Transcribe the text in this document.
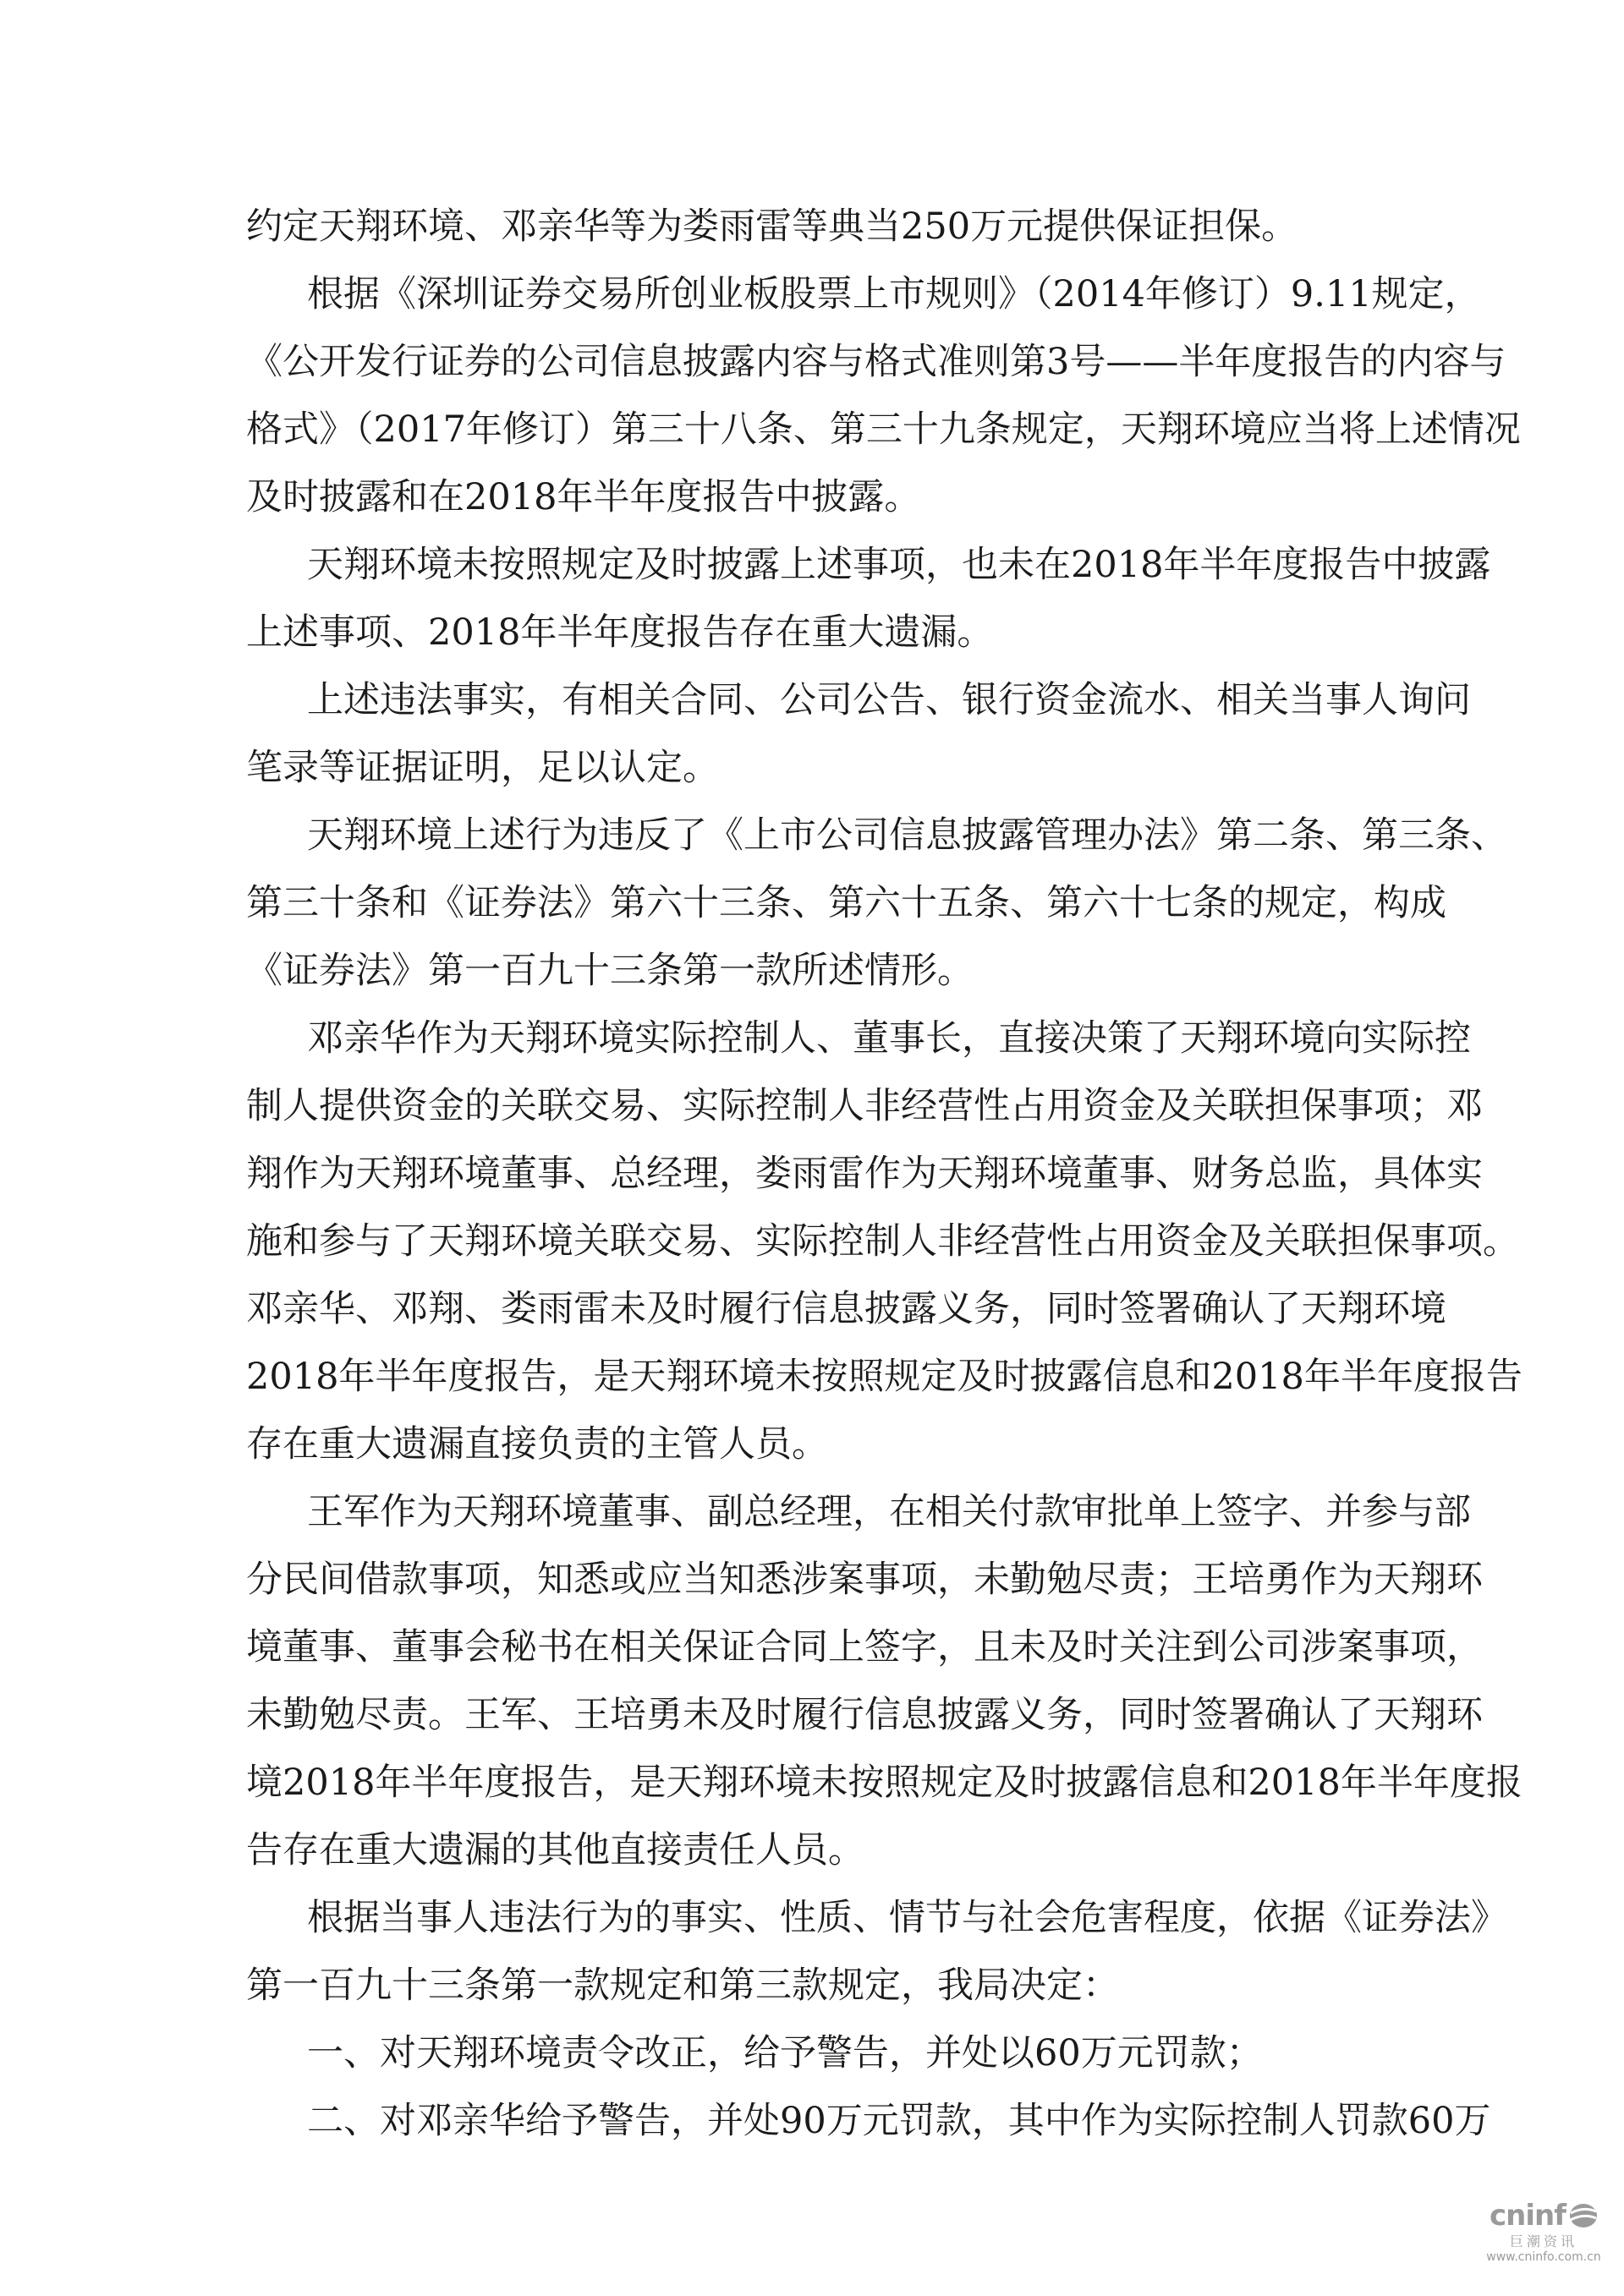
约定天翔环境、邓亲华等为娄雨雷等典当250万元提供保证担保。
根据《深圳证券交易所创业板股票上市规则》（2014年修订）9.11规定，
《公开发行证券的公司信息披露内容与格式准则第3号——半年度报告的内容与
格式》（2017年修订）第三十八条、第三十九条规定，天翔环境应当将上述情况
及时披露和在2018年半年度报告中披露。
天翔环境未按照规定及时披露上述事项，也未在2018年半年度报告中披露
上述事项、2018年半年度报告存在重大遗漏。
上述违法事实，有相关合同、公司公告、银行资金流水、相关当事人询问
笔录等证据证明，足以认定。
天翔环境上述行为违反了《上市公司信息披露管理办法》第二条、第三条、
第三十条和《证券法》第六十三条、第六十五条、第六十七条的规定，构成
《证券法》第一百九十三条第一款所述情形。
邓亲华作为天翔环境实际控制人、董事长，直接决策了天翔环境向实际控
制人提供资金的关联交易、实际控制人非经营性占用资金及关联担保事项；邓
翔作为天翔环境董事、总经理，娄雨雷作为天翔环境董事、财务总监，具体实
施和参与了天翔环境关联交易、实际控制人非经营性占用资金及关联担保事项。
邓亲华、邓翔、娄雨雷未及时履行信息披露义务，同时签署确认了天翔环境
2018年半年度报告，是天翔环境未按照规定及时披露信息和2018年半年度报告
存在重大遗漏直接负责的主管人员。
王军作为天翔环境董事、副总经理，在相关付款审批单上签字、并参与部
分民间借款事项，知悉或应当知悉涉案事项，未勤勉尽责；王培勇作为天翔环
境董事、董事会秘书在相关保证合同上签字，且未及时关注到公司涉案事项，
未勤勉尽责。王军、王培勇未及时履行信息披露义务，同时签署确认了天翔环
境2018年半年度报告，是天翔环境未按照规定及时披露信息和2018年半年度报
告存在重大遗漏的其他直接责任人员。
根据当事人违法行为的事实、性质、情节与社会危害程度，依据《证券法》
第一百九十三条第一款规定和第三款规定，我局决定：
一、对天翔环境责令改正，给予警告，并处以60万元罚款；
二、对邓亲华给予警告，并处90万元罚款，其中作为实际控制人罚款60万
cninf
巨潮资讯
www.cninfo.com.cn
